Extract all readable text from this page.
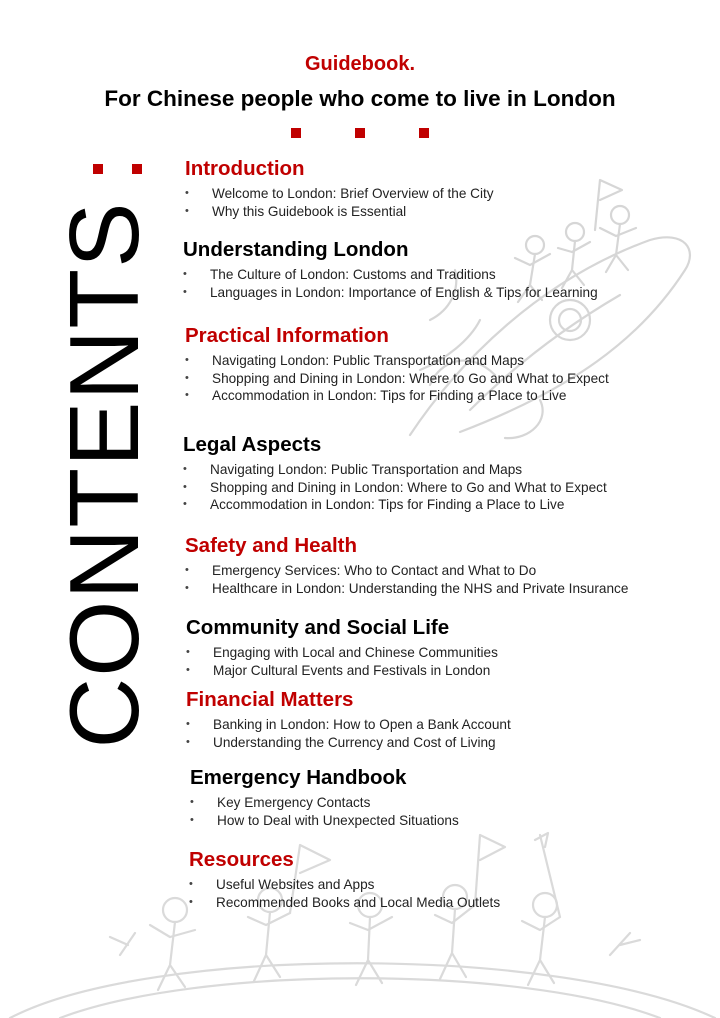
Guidebook.
For Chinese people who come to live in London
CONTENTS
Introduction
• Welcome to London: Brief Overview of the City
• Why this Guidebook is Essential
Understanding London
• The Culture of London: Customs and Traditions
• Languages in London: Importance of English & Tips for Learning
Practical Information
• Navigating London: Public Transportation and Maps
• Shopping and Dining in London: Where to Go and What to Expect
• Accommodation in London: Tips for Finding a Place to Live
Legal Aspects
• Navigating London: Public Transportation and Maps
• Shopping and Dining in London: Where to Go and What to Expect
• Accommodation in London: Tips for Finding a Place to Live
Safety and Health
• Emergency Services: Who to Contact and What to Do
• Healthcare in London: Understanding the NHS and Private Insurance
Community and Social Life
• Engaging with Local and Chinese Communities
• Major Cultural Events and Festivals in London
Financial Matters
• Banking in London: How to Open a Bank Account
• Understanding the Currency and Cost of Living
Emergency Handbook
• Key Emergency Contacts
• How to Deal with Unexpected Situations
Resources
• Useful Websites and Apps
• Recommended Books and Local Media Outlets
